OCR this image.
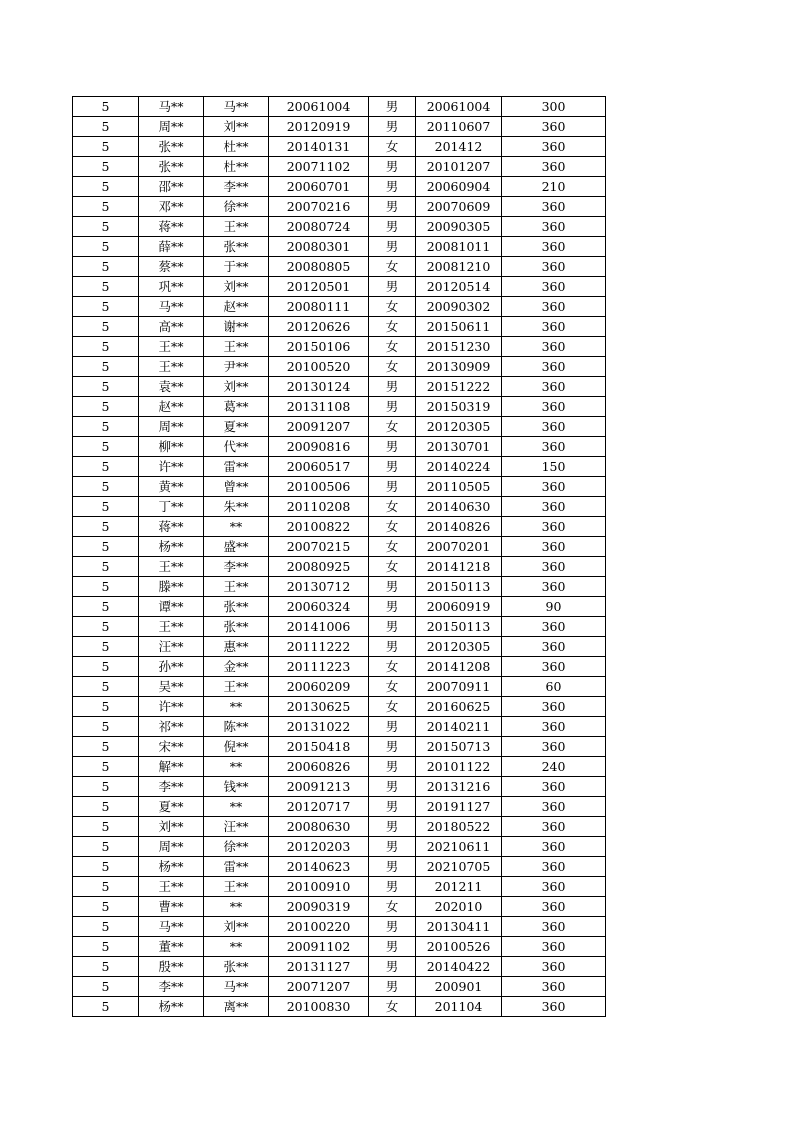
5	马**	马**	20061004	男	20061004	300
5	周**	刘**	20120919	男	20110607	360
5	张**	杜**	20140131	女	201412	360
5	张**	杜**	20071102	男	20101207	360
5	邵**	李**	20060701	男	20060904	210
5	邓**	徐**	20070216	男	20070609	360
5	蒋**	王**	20080724	男	20090305	360
5	薛**	张**	20080301	男	20081011	360
5	蔡**	于**	20080805	女	20081210	360
5	巩**	刘**	20120501	男	20120514	360
5	马**	赵**	20080111	女	20090302	360
5	高**	谢**	20120626	女	20150611	360
5	王**	王**	20150106	女	20151230	360
5	王**	尹**	20100520	女	20130909	360
5	袁**	刘**	20130124	男	20151222	360
5	赵**	葛**	20131108	男	20150319	360
5	周**	夏**	20091207	女	20120305	360
5	柳**	代**	20090816	男	20130701	360
5	许**	雷**	20060517	男	20140224	150
5	黄**	曾**	20100506	男	20110505	360
5	丁**	朱**	20110208	女	20140630	360
5	蒋**	**	20100822	女	20140826	360
5	杨**	盛**	20070215	女	20070201	360
5	王**	李**	20080925	女	20141218	360
5	滕**	王**	20130712	男	20150113	360
5	谭**	张**	20060324	男	20060919	90
5	王**	张**	20141006	男	20150113	360
5	汪**	惠**	20111222	男	20120305	360
5	孙**	金**	20111223	女	20141208	360
5	吴**	王**	20060209	女	20070911	60
5	许**	**	20130625	女	20160625	360
5	祁**	陈**	20131022	男	20140211	360
5	宋**	倪**	20150418	男	20150713	360
5	解**	**	20060826	男	20101122	240
5	李**	钱**	20091213	男	20131216	360
5	夏**	**	20120717	男	20191127	360
5	刘**	汪**	20080630	男	20180522	360
5	周**	徐**	20120203	男	20210611	360
5	杨**	雷**	20140623	男	20210705	360
5	王**	王**	20100910	男	201211	360
5	曹**	**	20090319	女	202010	360
5	马**	刘**	20100220	男	20130411	360
5	董**	**	20091102	男	20100526	360
5	殷**	张**	20131127	男	20140422	360
5	李**	马**	20071207	男	200901	360
5	杨**	离**	20100830	女	201104	360
